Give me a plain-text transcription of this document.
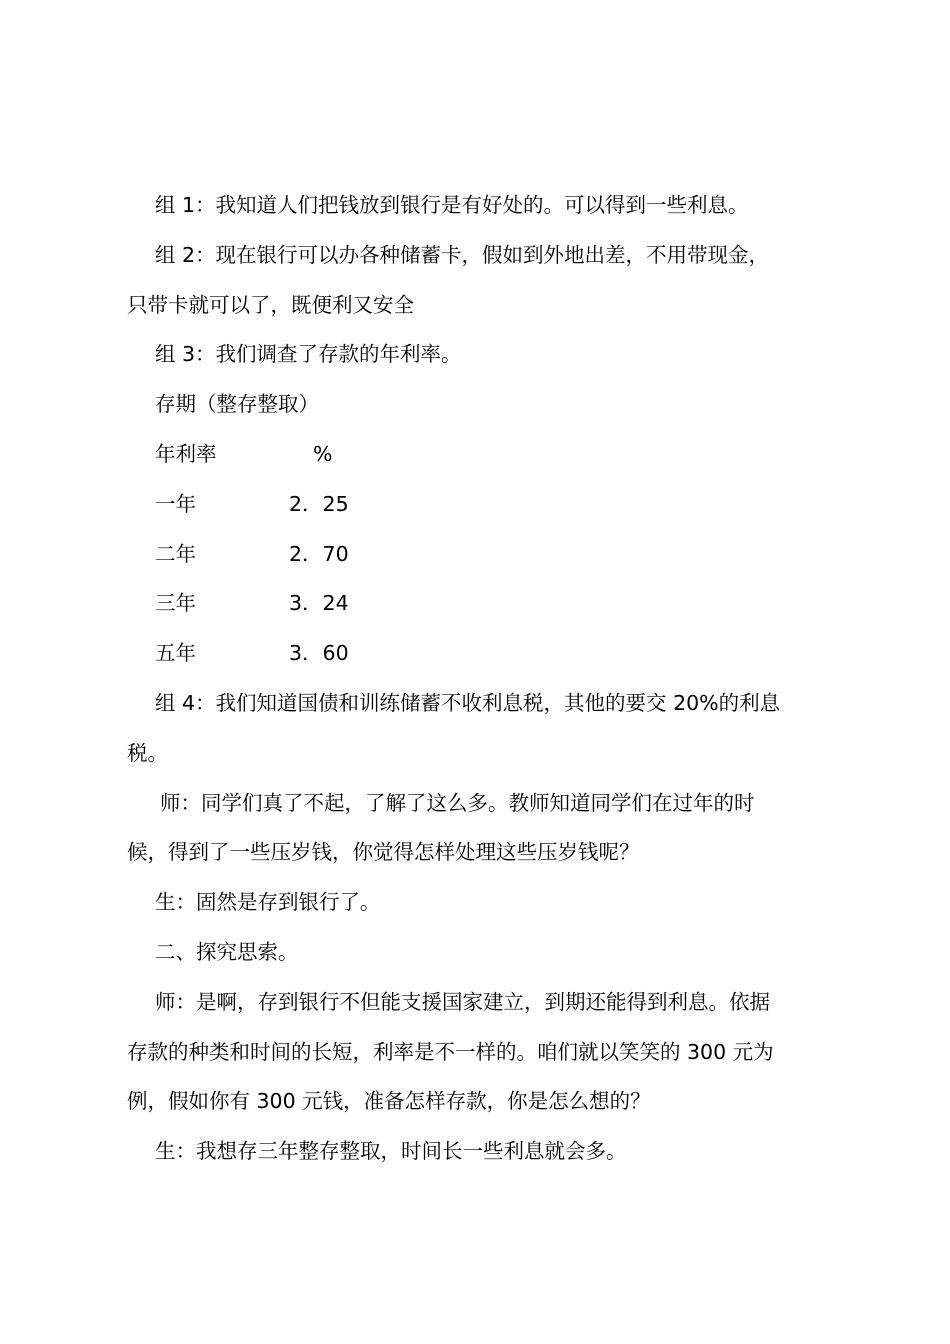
组 1：我知道人们把钱放到银行是有好处的。可以得到一些利息。
组 2：现在银行可以办各种储蓄卡，假如到外地出差，不用带现金，
只带卡就可以了，既便利又安全
组 3：我们调查了存款的年利率。
存期（整存整取）
年利率	%
一年	2．25
二年	2．70
三年	3．24
五年	3．60
组 4：我们知道国债和训练储蓄不收利息税，其他的要交 20%的利息
税。
师：同学们真了不起，了解了这么多。教师知道同学们在过年的时
候，得到了一些压岁钱，你觉得怎样处理这些压岁钱呢？
生：固然是存到银行了。
二、探究思索。
师：是啊，存到银行不但能支援国家建立，到期还能得到利息。依据
存款的种类和时间的长短，利率是不一样的。咱们就以笑笑的 300 元为
例，假如你有 300 元钱，准备怎样存款，你是怎么想的？
生：我想存三年整存整取，时间长一些利息就会多。
